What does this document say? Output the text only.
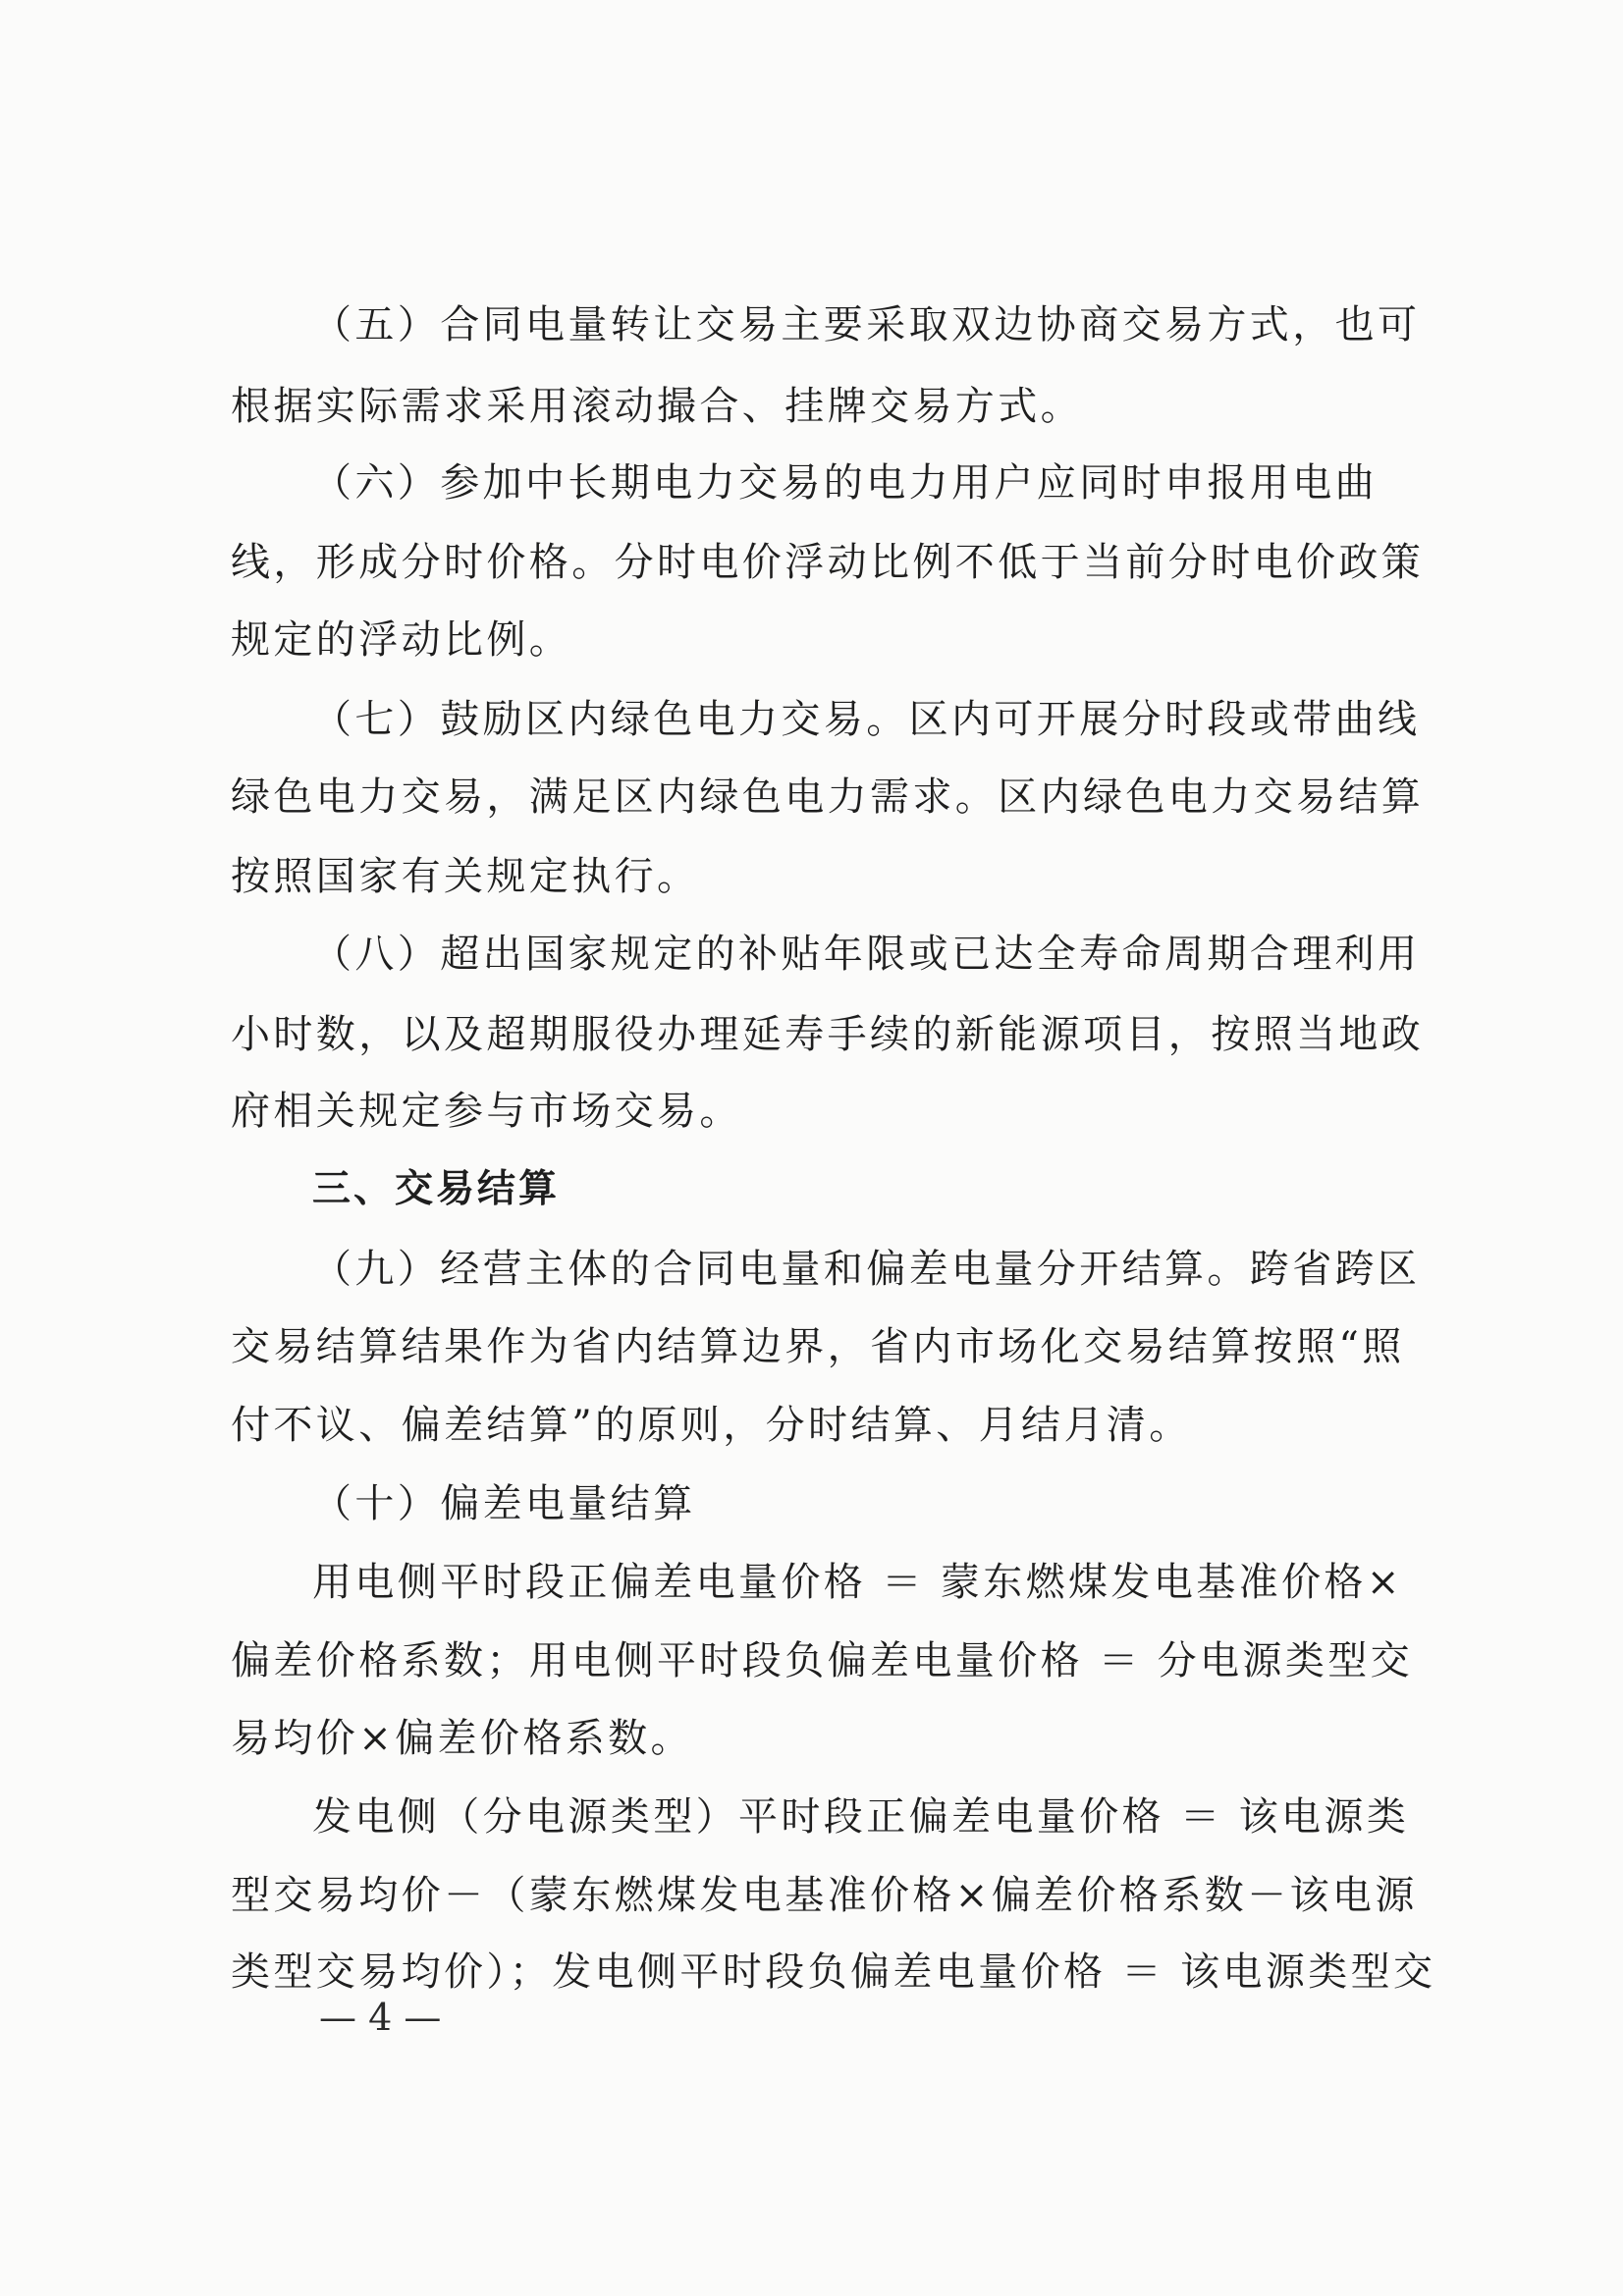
（五）合同电量转让交易主要采取双边协商交易方式，也可
根据实际需求采用滚动撮合、挂牌交易方式。
（六）参加中长期电力交易的电力用户应同时申报用电曲
线，形成分时价格。分时电价浮动比例不低于当前分时电价政策
规定的浮动比例。
（七）鼓励区内绿色电力交易。区内可开展分时段或带曲线
绿色电力交易，满足区内绿色电力需求。区内绿色电力交易结算
按照国家有关规定执行。
（八）超出国家规定的补贴年限或已达全寿命周期合理利用
小时数，以及超期服役办理延寿手续的新能源项目，按照当地政
府相关规定参与市场交易。
三、交易结算
（九）经营主体的合同电量和偏差电量分开结算。跨省跨区
交易结算结果作为省内结算边界，省内市场化交易结算按照“照
付不议、偏差结算”的原则，分时结算、月结月清。
（十）偏差电量结算
用电侧平时段正偏差电量价格 ＝ 蒙东燃煤发电基准价格×
偏差价格系数；用电侧平时段负偏差电量价格 ＝ 分电源类型交
易均价×偏差价格系数。
发电侧（分电源类型）平时段正偏差电量价格 ＝ 该电源类
型交易均价－（蒙东燃煤发电基准价格×偏差价格系数－该电源
类型交易均价）；发电侧平时段负偏差电量价格 ＝ 该电源类型交
— 4 —
